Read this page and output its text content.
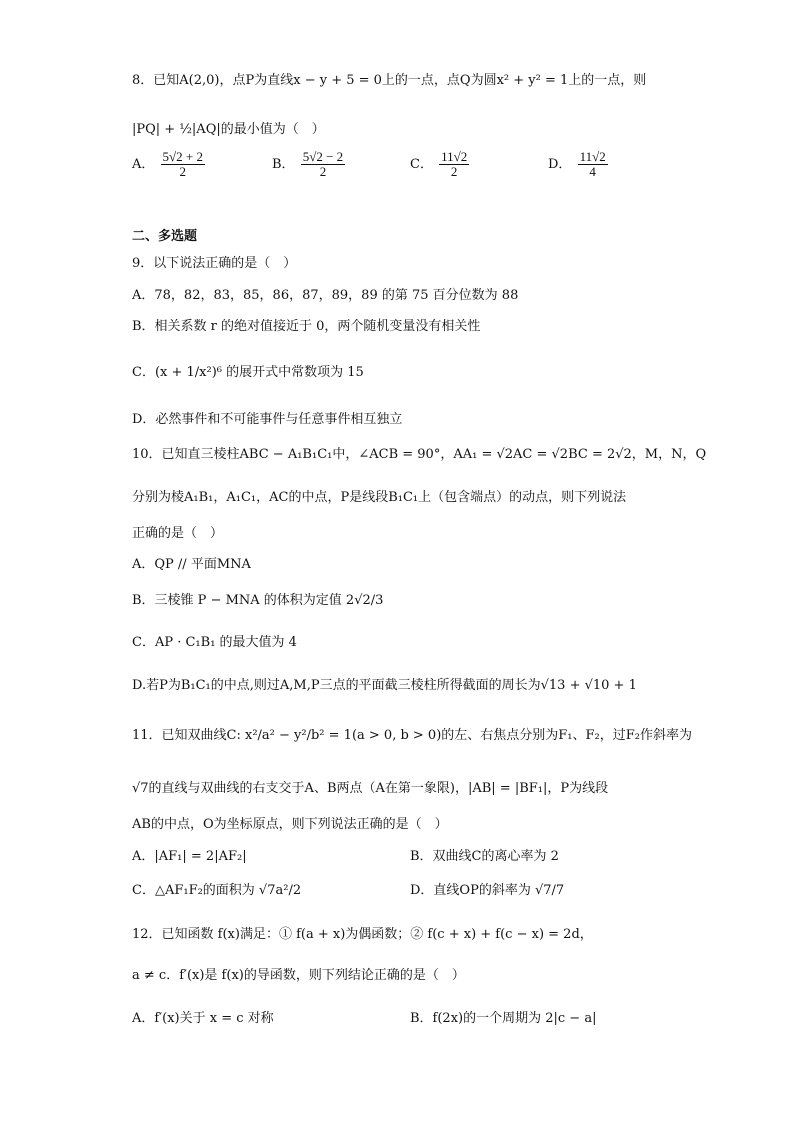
8．已知A(2,0)，点P为直线x − y + 5 = 0上的一点，点Q为圆x² + y² = 1上的一点，则
|PQ| + ½|AQ|的最小值为（　）
A． $\frac{5√2 + 2}{2}$	B． $\frac{5√2 - 2}{2}$	C． $\frac{11√2}{2}$	D． $\frac{11√2}{4}$
二、多选题
9．以下说法正确的是（　）
A．78，82，83，85，86，87，89，89 的第 75 百分位数为 88
B．相关系数 r 的绝对值接近于 0，两个随机变量没有相关性
C．(x + 1/x²)⁶ 的展开式中常数项为 15
D．必然事件和不可能事件与任意事件相互独立
10．已知直三棱柱ABC − A₁B₁C₁中，∠ACB = 90°，AA₁ = √2AC = √2BC = 2√2，M，N，Q
分别为棱A₁B₁，A₁C₁，AC的中点，P是线段B₁C₁上（包含端点）的动点，则下列说法
正确的是（　）
A．QP // 平面MNA
B．三棱锥 P − MNA 的体积为定值 2√2/3
C．AP · C₁B₁ 的最大值为 4
D.若P为B₁C₁的中点,则过A,M,P三点的平面截三棱柱所得截面的周长为√13 + √10 + 1
11．已知双曲线C: x²/a² − y²/b² = 1(a > 0, b > 0)的左、右焦点分别为F₁、F₂，过F₂作斜率为
√7的直线与双曲线的右支交于A、B两点（A在第一象限)，|AB| = |BF₁|，P为线段
AB的中点，O为坐标原点，则下列说法正确的是（　）
A．|AF₁| = 2|AF₂|	B．双曲线C的离心率为 2
C．△AF₁F₂的面积为 √7a²/2	D．直线OP的斜率为 √7/7
12．已知函数 f(x)满足：① f(a + x)为偶函数；② f(c + x) + f(c − x) = 2d，
a ≠ c．f′(x)是 f(x)的导函数，则下列结论正确的是（　）
A．f′(x)关于 x = c 对称	B．f(2x)的一个周期为 2|c − a|
